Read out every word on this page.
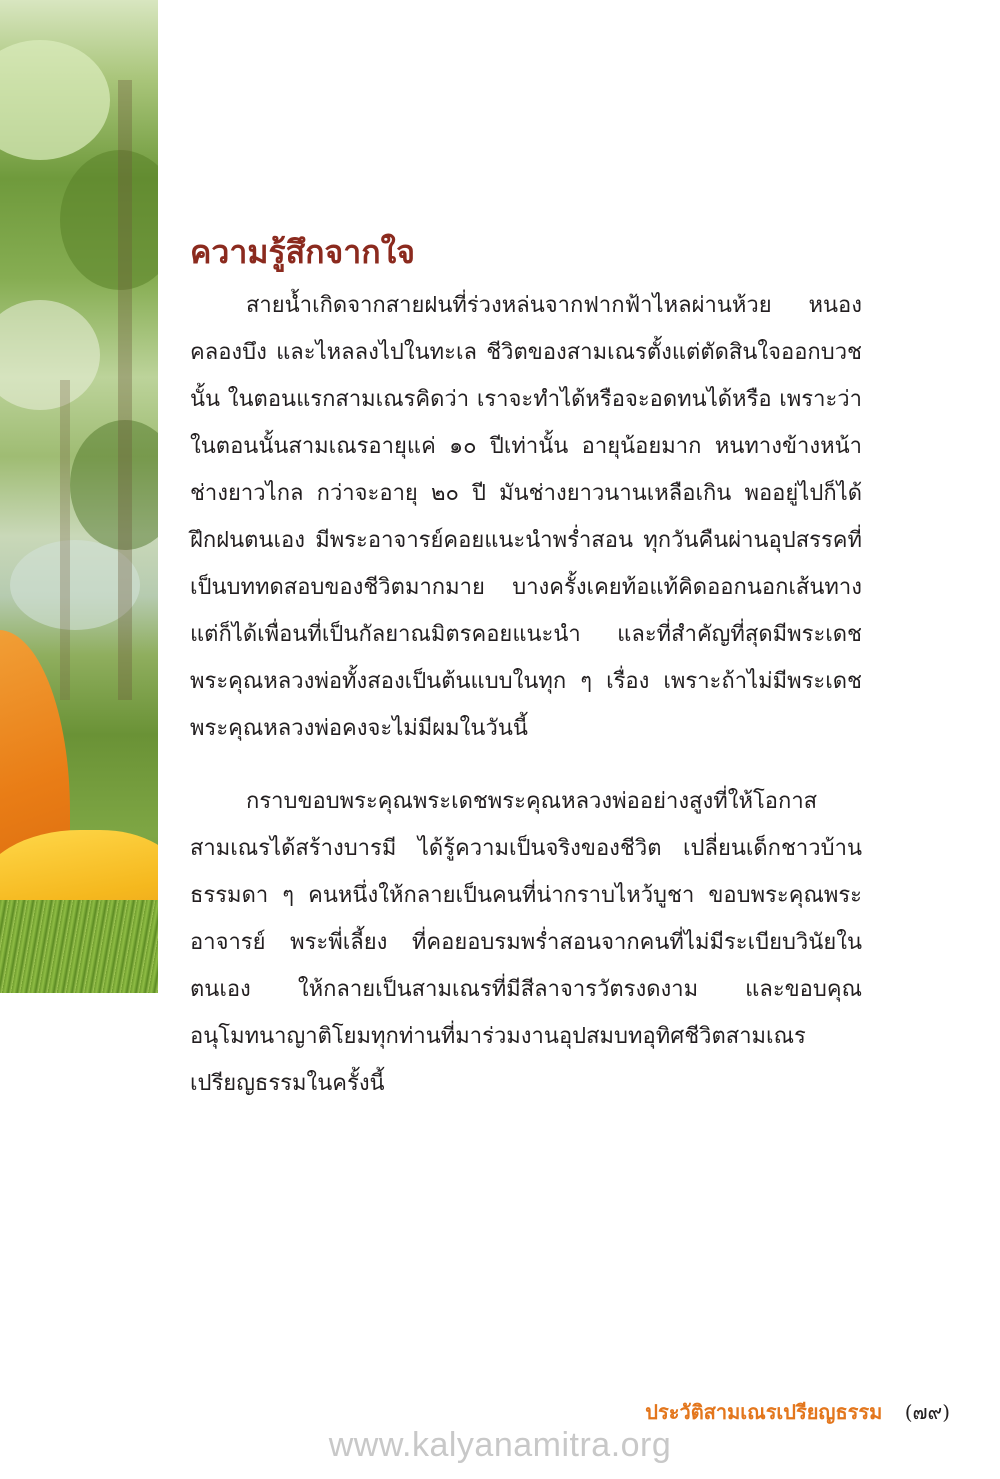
ความรู้สึกจากใจ

สายน้ำเกิดจากสายฝนที่ร่วงหล่นจากฟากฟ้าไหลผ่านห้วย หนองคลองบึง และไหลลงไปในทะเล ชีวิตของสามเณรตั้งแต่ตัดสินใจออกบวชนั้น ในตอนแรกสามเณรคิดว่า เราจะทำได้หรือจะอดทนได้หรือ เพราะว่าในตอนนั้นสามเณรอายุแค่ ๑๐ ปีเท่านั้น อายุน้อยมาก หนทางข้างหน้าช่างยาวไกล กว่าจะอายุ ๒๐ ปี มันช่างยาวนานเหลือเกิน พออยู่ไปก็ได้ฝึกฝนตนเอง มีพระอาจารย์คอยแนะนำพร่ำสอน ทุกวันคืนผ่านอุปสรรคที่เป็นบททดสอบของชีวิตมากมาย บางครั้งเคยท้อแท้คิดออกนอกเส้นทาง แต่ก็ได้เพื่อนที่เป็นกัลยาณมิตรคอยแนะนำ และที่สำคัญที่สุดมีพระเดชพระคุณหลวงพ่อทั้งสองเป็นต้นแบบในทุก ๆ เรื่อง เพราะถ้าไม่มีพระเดชพระคุณหลวงพ่อคงจะไม่มีผมในวันนี้

กราบขอบพระคุณพระเดชพระคุณหลวงพ่ออย่างสูงที่ให้โอกาสสามเณรได้สร้างบารมี ได้รู้ความเป็นจริงของชีวิต เปลี่ยนเด็กชาวบ้านธรรมดา ๆ คนหนึ่งให้กลายเป็นคนที่น่ากราบไหว้บูชา ขอบพระคุณพระอาจารย์ พระพี่เลี้ยง ที่คอยอบรมพร่ำสอนจากคนที่ไม่มีระเบียบวินัยในตนเอง ให้กลายเป็นสามเณรที่มีสีลาจารวัตรงดงาม และขอบคุณอนุโมทนาญาติโยมทุกท่านที่มาร่วมงานอุปสมบทอุทิศชีวิตสามเณรเปรียญธรรมในครั้งนี้

ประวัติสามเณรเปรียญธรรม (๗๙)
www.kalyanamitra.org
